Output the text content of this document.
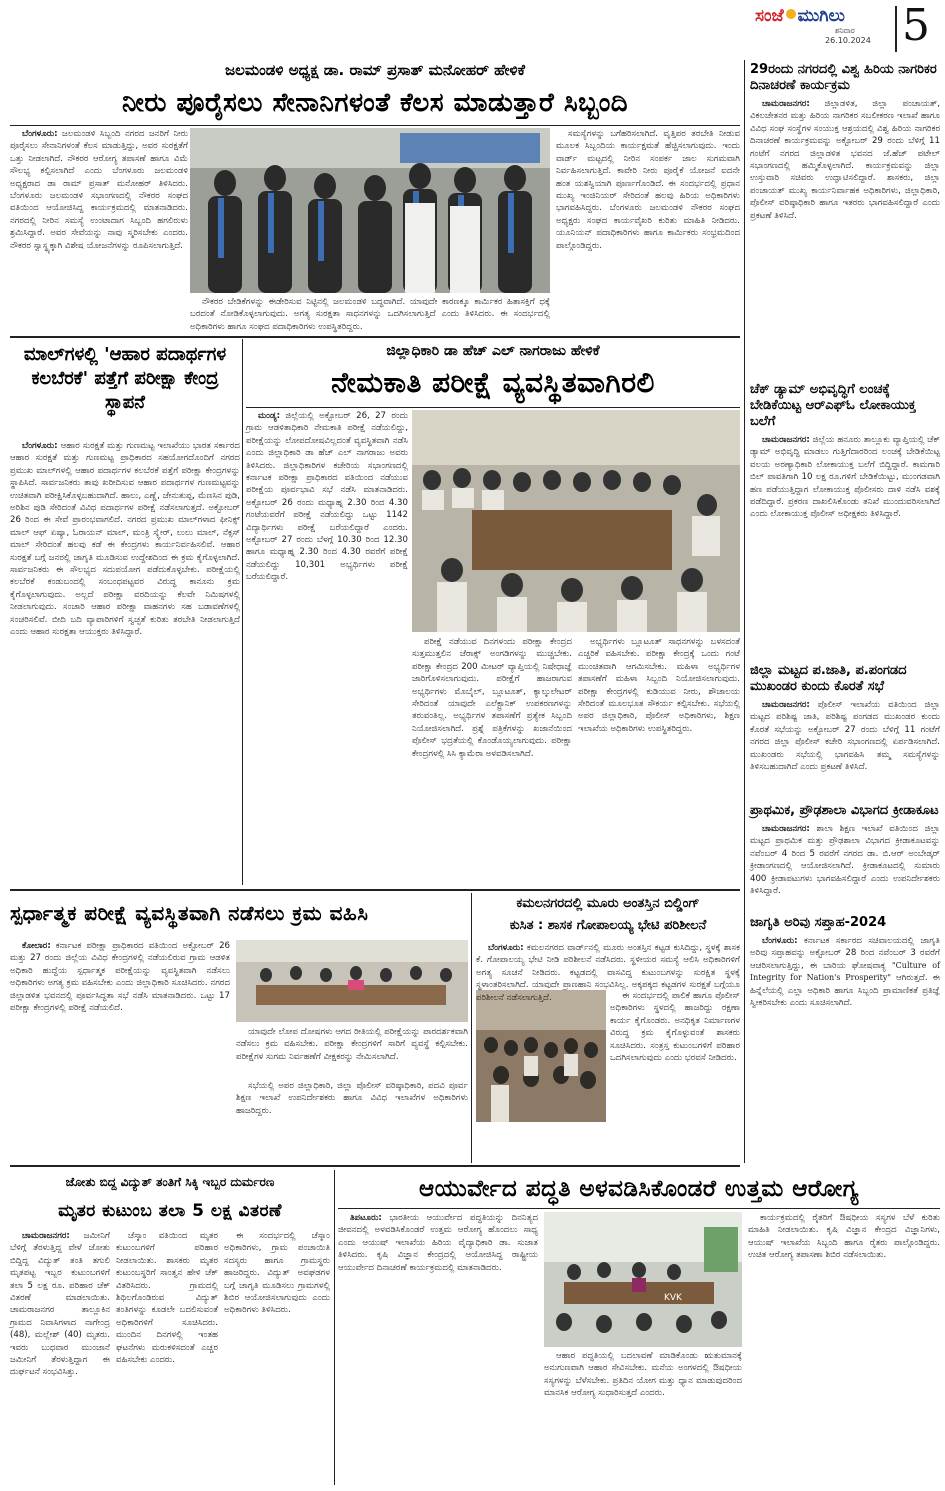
ಸಂಜೆ ಮುಗಿಲು
ಶನಿವಾರ
26.10.2024 5
ಜಲಮಂಡಳಿ ಅಧ್ಯಕ್ಷ ಡಾ. ರಾಮ್ ಪ್ರಸಾತ್ ಮನೋಹರ್ ಹೇಳಿಕೆ
ನೀರು ಪೂರೈಸಲು ಸೇನಾನಿಗಳಂತೆ ಕೆಲಸ ಮಾಡುತ್ತಾರೆ ಸಿಬ್ಬಂದಿ

ಬೆಂಗಳೂರು: ಜಲಮಂಡಳಿ ಸಿಬ್ಬಂದಿ ನಗರದ ಜನರಿಗೆ ನೀರು ಪೂರೈಸಲು ಸೇನಾನಿಗಳಂತೆ ಕೆಲಸ ಮಾಡುತ್ತಿದ್ದು, ಅವರ ಸುರಕ್ಷತೆಗೆ ಒತ್ತು ನೀಡಲಾಗಿದೆ. ನೌಕರರ ಆರೋಗ್ಯ ತಪಾಸಣೆ ಹಾಗೂ ವಿಮೆ ಸೌಲಭ್ಯ ಕಲ್ಪಿಸಲಾಗಿದೆ ಎಂದು ಬೆಂಗಳೂರು ಜಲಮಂಡಳಿ ಅಧ್ಯಕ್ಷರಾದ ಡಾ ರಾಮ್ ಪ್ರಸಾತ್ ಮನೋಹರ್ ತಿಳಿಸಿದರು. ಬೆಂಗಳೂರು ಜಲಮಂಡಳಿ ಸಭಾಂಗಣದಲ್ಲಿ ನೌಕರರ ಸಂಘದ ವತಿಯಿಂದ ಆಯೋಜಿಸಿದ್ದ ಕಾರ್ಯಕ್ರಮದಲ್ಲಿ ಮಾತನಾಡಿದರು. ನಗರದಲ್ಲಿ ನೀರಿನ ಸಮಸ್ಯೆ ಉಂಟಾದಾಗ ಸಿಬ್ಬಂದಿ ಹಗಲಿರುಳು ಶ್ರಮಿಸಿದ್ದಾರೆ. ಅವರ ಸೇವೆಯನ್ನು ನಾವು ಸ್ಮರಿಸಬೇಕು ಎಂದರು. ನೌಕರರ ಸ್ವಾಸ್ಥ್ಯಕ್ಕಾಗಿ ವಿಶೇಷ ಯೋಜನೆಗಳನ್ನು ರೂಪಿಸಲಾಗುತ್ತಿದೆ.

ನೌಕರರ ಬೇಡಿಕೆಗಳನ್ನು ಈಡೇರಿಸುವ ನಿಟ್ಟಿನಲ್ಲಿ ಜಲಮಂಡಳಿ ಬದ್ಧವಾಗಿದೆ. ಯಾವುದೇ ಕಾರಣಕ್ಕೂ ಕಾರ್ಮಿಕರ ಹಿತಾಸಕ್ತಿಗೆ ಧಕ್ಕೆ ಬರದಂತೆ ನೋಡಿಕೊಳ್ಳಲಾಗುವುದು. ಅಗತ್ಯ ಸುರಕ್ಷತಾ ಸಾಧನಗಳನ್ನು ಒದಗಿಸಲಾಗುತ್ತಿದೆ ಎಂದು ತಿಳಿಸಿದರು. ಈ ಸಂದರ್ಭದಲ್ಲಿ ಅಧಿಕಾರಿಗಳು ಹಾಗೂ ಸಂಘದ ಪದಾಧಿಕಾರಿಗಳು ಉಪಸ್ಥಿತರಿದ್ದರು.

ಸಮಸ್ಯೆಗಳನ್ನು ಬಗೆಹರಿಸಲಾಗಿದೆ. ವೃತ್ತಿಪರ ತರಬೇತಿ ನೀಡುವ ಮೂಲಕ ಸಿಬ್ಬಂದಿಯ ಕಾರ್ಯಕ್ಷಮತೆ ಹೆಚ್ಚಿಸಲಾಗುವುದು. ಇಂದು ವಾರ್ಡ್ ಮಟ್ಟದಲ್ಲಿ ನೀರಿನ ಸಂಪರ್ಕ ಜಾಲ ಸುಗಮವಾಗಿ ನಿರ್ವಹಿಸಲಾಗುತ್ತಿದೆ. ಕಾವೇರಿ ನೀರು ಪೂರೈಕೆ ಯೋಜನೆ ಐದನೇ ಹಂತ ಯಶಸ್ವಿಯಾಗಿ ಪೂರ್ಣಗೊಂಡಿದೆ. ಈ ಸಂದರ್ಭದಲ್ಲಿ ಪ್ರಧಾನ ಮುಖ್ಯ ಇಂಜಿನಿಯರ್ ಸೇರಿದಂತೆ ಹಲವು ಹಿರಿಯ ಅಧಿಕಾರಿಗಳು ಭಾಗವಹಿಸಿದ್ದರು. ಬೆಂಗಳೂರು ಜಲಮಂಡಳಿ ನೌಕರರ ಸಂಘದ ಅಧ್ಯಕ್ಷರು ಸಂಘದ ಕಾರ್ಯವೈಖರಿ ಕುರಿತು ಮಾಹಿತಿ ನೀಡಿದರು. ಯೂನಿಯನ್ ಪದಾಧಿಕಾರಿಗಳು ಹಾಗೂ ಕಾರ್ಮಿಕರು ಸಂಭ್ರಮದಿಂದ ಪಾಲ್ಗೊಂಡಿದ್ದರು.

ಮಾಲ್‌ಗಳಲ್ಲಿ 'ಆಹಾರ ಪದಾರ್ಥಗಳ ಕಲಬೆರಕೆ' ಪತ್ತೆಗೆ ಪರೀಕ್ಷಾ ಕೇಂದ್ರ ಸ್ಥಾಪನೆ

ಬೆಂಗಳೂರು: ಆಹಾರ ಸುರಕ್ಷತೆ ಮತ್ತು ಗುಣಮಟ್ಟ ಇಲಾಖೆಯು ಭಾರತ ಸರ್ಕಾರದ ಆಹಾರ ಸುರಕ್ಷತೆ ಮತ್ತು ಗುಣಮಟ್ಟ ಪ್ರಾಧಿಕಾರದ ಸಹಯೋಗದೊಂದಿಗೆ ನಗರದ ಪ್ರಮುಖ ಮಾಲ್‌ಗಳಲ್ಲಿ ಆಹಾರ ಪದಾರ್ಥಗಳ ಕಲಬೆರಕೆ ಪತ್ತೆಗೆ ಪರೀಕ್ಷಾ ಕೇಂದ್ರಗಳನ್ನು ಸ್ಥಾಪಿಸಿದೆ. ಸಾರ್ವಜನಿಕರು ತಾವು ಖರೀದಿಸುವ ಆಹಾರ ಪದಾರ್ಥಗಳ ಗುಣಮಟ್ಟವನ್ನು ಉಚಿತವಾಗಿ ಪರೀಕ್ಷಿಸಿಕೊಳ್ಳಬಹುದಾಗಿದೆ. ಹಾಲು, ಎಣ್ಣೆ, ಜೇನುತುಪ್ಪ, ಮೆಣಸಿನ ಪುಡಿ, ಅರಿಶಿನ ಪುಡಿ ಸೇರಿದಂತೆ ವಿವಿಧ ಪದಾರ್ಥಗಳ ಪರೀಕ್ಷೆ ನಡೆಸಲಾಗುತ್ತದೆ. ಅಕ್ಟೋಬರ್ 26 ರಿಂದ ಈ ಸೇವೆ ಪ್ರಾರಂಭವಾಗಲಿದೆ. ನಗರದ ಪ್ರಮುಖ ಮಾಲ್‌ಗಳಾದ ಫೀನಿಕ್ಸ್ ಮಾಲ್ ಆಫ್ ಏಷ್ಯಾ, ಓರಾಯನ್ ಮಾಲ್, ಮಂತ್ರಿ ಸ್ಕ್ವೇರ್, ಲುಲು ಮಾಲ್, ನೆಕ್ಸಸ್ ಮಾಲ್ ಸೇರಿದಂತೆ ಹಲವು ಕಡೆ ಈ ಕೇಂದ್ರಗಳು ಕಾರ್ಯನಿರ್ವಹಿಸಲಿವೆ. ಆಹಾರ ಸುರಕ್ಷತೆ ಬಗ್ಗೆ ಜನರಲ್ಲಿ ಜಾಗೃತಿ ಮೂಡಿಸುವ ಉದ್ದೇಶದಿಂದ ಈ ಕ್ರಮ ಕೈಗೊಳ್ಳಲಾಗಿದೆ. ಸಾರ್ವಜನಿಕರು ಈ ಸೌಲಭ್ಯದ ಸದುಪಯೋಗ ಪಡೆದುಕೊಳ್ಳಬೇಕು. ಪರೀಕ್ಷೆಯಲ್ಲಿ ಕಲಬೆರಕೆ ಕಂಡುಬಂದಲ್ಲಿ ಸಂಬಂಧಪಟ್ಟವರ ವಿರುದ್ಧ ಕಾನೂನು ಕ್ರಮ ಕೈಗೊಳ್ಳಲಾಗುವುದು. ಅಲ್ಲದೆ ಪರೀಕ್ಷಾ ವರದಿಯನ್ನು ಕೆಲವೇ ನಿಮಿಷಗಳಲ್ಲಿ ನೀಡಲಾಗುವುದು. ಸಂಚಾರಿ ಆಹಾರ ಪರೀಕ್ಷಾ ವಾಹನಗಳು ಸಹ ಬಡಾವಣೆಗಳಲ್ಲಿ ಸಂಚರಿಸಲಿವೆ. ಬೀದಿ ಬದಿ ವ್ಯಾಪಾರಿಗಳಿಗೆ ಸ್ವಚ್ಛತೆ ಕುರಿತು ತರಬೇತಿ ನೀಡಲಾಗುತ್ತಿದೆ ಎಂದು ಆಹಾರ ಸುರಕ್ಷತಾ ಆಯುಕ್ತರು ತಿಳಿಸಿದ್ದಾರೆ.

ಜಿಲ್ಲಾಧಿಕಾರಿ ಡಾ ಹೆಚ್ ಎಲ್ ನಾಗರಾಜು ಹೇಳಿಕೆ
ನೇಮಕಾತಿ ಪರೀಕ್ಷೆ ವ್ಯವಸ್ಥಿತವಾಗಿರಲಿ

ಮಂಡ್ಯ: ಜಿಲ್ಲೆಯಲ್ಲಿ ಅಕ್ಟೋಬರ್ 26, 27 ರಂದು ಗ್ರಾಮ ಆಡಳಿತಾಧಿಕಾರಿ ನೇಮಕಾತಿ ಪರೀಕ್ಷೆ ನಡೆಯಲಿದ್ದು, ಪರೀಕ್ಷೆಯನ್ನು ಲೋಪದೋಷವಿಲ್ಲದಂತೆ ವ್ಯವಸ್ಥಿತವಾಗಿ ನಡೆಸಿ ಎಂದು ಜಿಲ್ಲಾಧಿಕಾರಿ ಡಾ ಹೆಚ್ ಎಲ್ ನಾಗರಾಜು ಅವರು ತಿಳಿಸಿದರು. ಜಿಲ್ಲಾಧಿಕಾರಿಗಳ ಕಚೇರಿಯ ಸಭಾಂಗಣದಲ್ಲಿ ಕರ್ನಾಟಕ ಪರೀಕ್ಷಾ ಪ್ರಾಧಿಕಾರದ ವತಿಯಿಂದ ನಡೆಯುವ ಪರೀಕ್ಷೆಯ ಪೂರ್ವಭಾವಿ ಸಭೆ ನಡೆಸಿ ಮಾತನಾಡಿದರು. ಅಕ್ಟೋಬರ್ 26 ರಂದು ಮಧ್ಯಾಹ್ನ 2.30 ರಿಂದ 4.30 ಗಂಟೆಯವರೆಗೆ ಪರೀಕ್ಷೆ ನಡೆಯಲಿದ್ದು ಒಟ್ಟು 1142 ವಿದ್ಯಾರ್ಥಿಗಳು ಪರೀಕ್ಷೆ ಬರೆಯಲಿದ್ದಾರೆ ಎಂದರು. ಅಕ್ಟೋಬರ್ 27 ರಂದು ಬೆಳಗ್ಗೆ 10.30 ರಿಂದ 12.30 ಹಾಗೂ ಮಧ್ಯಾಹ್ನ 2.30 ರಿಂದ 4.30 ರವರೆಗೆ ಪರೀಕ್ಷೆ ನಡೆಯಲಿದ್ದು 10,301 ಅಭ್ಯರ್ಥಿಗಳು ಪರೀಕ್ಷೆ ಬರೆಯಲಿದ್ದಾರೆ.

ಪರೀಕ್ಷೆ ನಡೆಯುವ ದಿನಗಳಂದು ಪರೀಕ್ಷಾ ಕೇಂದ್ರದ ಸುತ್ತಮುತ್ತಲಿನ ಜೆರಾಕ್ಸ್ ಅಂಗಡಿಗಳನ್ನು ಮುಚ್ಚಬೇಕು. ಪರೀಕ್ಷಾ ಕೇಂದ್ರದ 200 ಮೀಟರ್ ವ್ಯಾಪ್ತಿಯಲ್ಲಿ ನಿಷೇಧಾಜ್ಞೆ ಜಾರಿಗೊಳಿಸಲಾಗುವುದು. ಪರೀಕ್ಷೆಗೆ ಹಾಜರಾಗುವ ಅಭ್ಯರ್ಥಿಗಳು ಮೊಬೈಲ್, ಬ್ಲೂಟೂತ್, ಕ್ಯಾಲ್ಕುಲೇಟರ್ ಸೇರಿದಂತೆ ಯಾವುದೇ ಎಲೆಕ್ಟ್ರಾನಿಕ್ ಉಪಕರಣಗಳನ್ನು ತರುವಂತಿಲ್ಲ. ಅಭ್ಯರ್ಥಿಗಳ ತಪಾಸಣೆಗೆ ಪ್ರತ್ಯೇಕ ಸಿಬ್ಬಂದಿ ನಿಯೋಜಿಸಲಾಗಿದೆ. ಪ್ರಶ್ನೆ ಪತ್ರಿಕೆಗಳನ್ನು ಖಜಾನೆಯಿಂದ ಪೊಲೀಸ್ ಭದ್ರತೆಯಲ್ಲಿ ಕೊಂಡೊಯ್ಯಲಾಗುವುದು. ಪರೀಕ್ಷಾ ಕೇಂದ್ರಗಳಲ್ಲಿ ಸಿಸಿ ಕ್ಯಾಮೆರಾ ಅಳವಡಿಸಲಾಗಿದೆ.

ಅಭ್ಯರ್ಥಿಗಳು ಬ್ಲೂಟೂತ್ ಸಾಧನಗಳನ್ನು ಬಳಸದಂತೆ ಎಚ್ಚರಿಕೆ ವಹಿಸಬೇಕು. ಪರೀಕ್ಷಾ ಕೇಂದ್ರಕ್ಕೆ ಒಂದು ಗಂಟೆ ಮುಂಚಿತವಾಗಿ ಆಗಮಿಸಬೇಕು. ಮಹಿಳಾ ಅಭ್ಯರ್ಥಿಗಳ ತಪಾಸಣೆಗೆ ಮಹಿಳಾ ಸಿಬ್ಬಂದಿ ನಿಯೋಜಿಸಲಾಗುವುದು. ಪರೀಕ್ಷಾ ಕೇಂದ್ರಗಳಲ್ಲಿ ಕುಡಿಯುವ ನೀರು, ಶೌಚಾಲಯ ಸೇರಿದಂತೆ ಮೂಲಭೂತ ಸೌಕರ್ಯ ಕಲ್ಪಿಸಬೇಕು. ಸಭೆಯಲ್ಲಿ ಅಪರ ಜಿಲ್ಲಾಧಿಕಾರಿ, ಪೊಲೀಸ್ ಅಧಿಕಾರಿಗಳು, ಶಿಕ್ಷಣ ಇಲಾಖೆಯ ಅಧಿಕಾರಿಗಳು ಉಪಸ್ಥಿತರಿದ್ದರು.

ಸ್ಪರ್ಧಾತ್ಮಕ ಪರೀಕ್ಷೆ ವ್ಯವಸ್ಥಿತವಾಗಿ ನಡೆಸಲು ಕ್ರಮ ವಹಿಸಿ

ಕೋಲಾರ: ಕರ್ನಾಟಕ ಪರೀಕ್ಷಾ ಪ್ರಾಧಿಕಾರದ ವತಿಯಿಂದ ಅಕ್ಟೋಬರ್ 26 ಮತ್ತು 27 ರಂದು ಜಿಲ್ಲೆಯ ವಿವಿಧ ಕೇಂದ್ರಗಳಲ್ಲಿ ನಡೆಯಲಿರುವ ಗ್ರಾಮ ಆಡಳಿತ ಅಧಿಕಾರಿ ಹುದ್ದೆಯ ಸ್ಪರ್ಧಾತ್ಮಕ ಪರೀಕ್ಷೆಯನ್ನು ವ್ಯವಸ್ಥಿತವಾಗಿ ನಡೆಸಲು ಅಧಿಕಾರಿಗಳು ಅಗತ್ಯ ಕ್ರಮ ವಹಿಸಬೇಕು ಎಂದು ಜಿಲ್ಲಾಧಿಕಾರಿ ಸೂಚಿಸಿದರು. ನಗರದ ಜಿಲ್ಲಾಡಳಿತ ಭವನದಲ್ಲಿ ಪೂರ್ವಸಿದ್ಧತಾ ಸಭೆ ನಡೆಸಿ ಮಾತನಾಡಿದರು. ಒಟ್ಟು 17 ಪರೀಕ್ಷಾ ಕೇಂದ್ರಗಳಲ್ಲಿ ಪರೀಕ್ಷೆ ನಡೆಯಲಿದೆ.

ಯಾವುದೇ ಲೋಪ ದೋಷಗಳು ಆಗದ ರೀತಿಯಲ್ಲಿ ಪರೀಕ್ಷೆಯನ್ನು ಪಾರದರ್ಶಕವಾಗಿ ನಡೆಸಲು ಕ್ರಮ ವಹಿಸಬೇಕು. ಪರೀಕ್ಷಾ ಕೇಂದ್ರಗಳಿಗೆ ಸಾರಿಗೆ ವ್ಯವಸ್ಥೆ ಕಲ್ಪಿಸಬೇಕು. ಪರೀಕ್ಷೆಗಳ ಸುಗಮ ನಿರ್ವಹಣೆಗೆ ವೀಕ್ಷಕರನ್ನು ನೇಮಿಸಲಾಗಿದೆ.

ಸಭೆಯಲ್ಲಿ ಅಪರ ಜಿಲ್ಲಾಧಿಕಾರಿ, ಜಿಲ್ಲಾ ಪೊಲೀಸ್ ವರಿಷ್ಠಾಧಿಕಾರಿ, ಪದವಿ ಪೂರ್ವ ಶಿಕ್ಷಣ ಇಲಾಖೆ ಉಪನಿರ್ದೇಶಕರು ಹಾಗೂ ವಿವಿಧ ಇಲಾಖೆಗಳ ಅಧಿಕಾರಿಗಳು ಹಾಜರಿದ್ದರು.

ಕಮಲನಗರದಲ್ಲಿ ಮೂರು ಅಂತಸ್ತಿನ ಬಿಲ್ಡಿಂಗ್
ಕುಸಿತ : ಶಾಸಕ ಗೋಪಾಲಯ್ಯ ಭೇಟಿ ಪರಿಶೀಲನೆ

ಬೆಂಗಳೂರು: ಕಮಲನಗರದ ವಾರ್ಡ್‌ನಲ್ಲಿ ಮೂರು ಅಂತಸ್ತಿನ ಕಟ್ಟಡ ಕುಸಿದಿದ್ದು, ಸ್ಥಳಕ್ಕೆ ಶಾಸಕ ಕೆ. ಗೋಪಾಲಯ್ಯ ಭೇಟಿ ನೀಡಿ ಪರಿಶೀಲನೆ ನಡೆಸಿದರು. ಸ್ಥಳೀಯರ ಸಮಸ್ಯೆ ಆಲಿಸಿ ಅಧಿಕಾರಿಗಳಿಗೆ ಅಗತ್ಯ ಸೂಚನೆ ನೀಡಿದರು. ಕಟ್ಟಡದಲ್ಲಿ ವಾಸವಿದ್ದ ಕುಟುಂಬಗಳನ್ನು ಸುರಕ್ಷಿತ ಸ್ಥಳಕ್ಕೆ ಸ್ಥಳಾಂತರಿಸಲಾಗಿದೆ. ಯಾವುದೇ ಪ್ರಾಣಹಾನಿ ಸಂಭವಿಸಿಲ್ಲ. ಅಕ್ಕಪಕ್ಕದ ಕಟ್ಟಡಗಳ ಸುರಕ್ಷತೆ ಬಗ್ಗೆಯೂ ಪರಿಶೀಲನೆ ನಡೆಸಲಾಗುತ್ತಿದೆ.	ಈ ಸಂದರ್ಭದಲ್ಲಿ ಪಾಲಿಕೆ ಹಾಗೂ ಪೊಲೀಸ್ ಅಧಿಕಾರಿಗಳು ಸ್ಥಳದಲ್ಲಿ ಹಾಜರಿದ್ದು ರಕ್ಷಣಾ ಕಾರ್ಯ ಕೈಗೊಂಡರು. ಅನಧಿಕೃತ ನಿರ್ಮಾಣಗಳ ವಿರುದ್ಧ ಕ್ರಮ ಕೈಗೊಳ್ಳುವಂತೆ ಶಾಸಕರು ಸೂಚಿಸಿದರು. ಸಂತ್ರಸ್ತ ಕುಟುಂಬಗಳಿಗೆ ಪರಿಹಾರ ಒದಗಿಸಲಾಗುವುದು ಎಂದು ಭರವಸೆ ನೀಡಿದರು.

ಜೋತು ಬಿದ್ದ ವಿದ್ಯುತ್ ತಂತಿಗೆ ಸಿಕ್ಕಿ ಇಬ್ಬರ ದುರ್ಮರಣ
ಮೃತರ ಕುಟುಂಬ ತಲಾ 5 ಲಕ್ಷ ವಿತರಣೆ

ಚಾಮರಾಜನಗರ: ಜಮೀನಿಗೆ ಬೆಳಿಗ್ಗೆ ತೆರಳುತ್ತಿದ್ದ ವೇಳೆ ಜೋತು ಬಿದ್ದಿದ್ದ ವಿದ್ಯುತ್ ತಂತಿ ತಗುಲಿ ಮೃತಪಟ್ಟ ಇಬ್ಬರ ಕುಟುಂಬಗಳಿಗೆ ತಲಾ 5 ಲಕ್ಷ ರೂ. ಪರಿಹಾರ ಚೆಕ್ ವಿತರಣೆ ಮಾಡಲಾಯಿತು. ಚಾಮರಾಜನಗರ ತಾಲ್ಲೂಕಿನ ಗ್ರಾಮದ ನಿವಾಸಿಗಳಾದ ನಾಗೇಂದ್ರ (48), ಮಲ್ಲೇಶ್ (40) ಮೃತರು. ಇವರು ಬುಧವಾರ ಮುಂಜಾನೆ ಜಮೀನಿಗೆ ತೆರಳುತ್ತಿದ್ದಾಗ ಈ ದುರ್ಘಟನೆ ಸಂಭವಿಸಿತ್ತು.

ಚೆಸ್ಕಾಂ ವತಿಯಿಂದ ಮೃತರ ಕುಟುಂಬಗಳಿಗೆ ಪರಿಹಾರ ನೀಡಲಾಯಿತು. ಶಾಸಕರು ಮೃತರ ಕುಟುಂಬಸ್ಥರಿಗೆ ಸಾಂತ್ವನ ಹೇಳಿ ಚೆಕ್ ವಿತರಿಸಿದರು. ಗ್ರಾಮದಲ್ಲಿ ಶಿಥಿಲಗೊಂಡಿರುವ ವಿದ್ಯುತ್ ತಂತಿಗಳನ್ನು ಕೂಡಲೇ ಬದಲಿಸುವಂತೆ ಅಧಿಕಾರಿಗಳಿಗೆ ಸೂಚಿಸಿದರು. ಮುಂದಿನ ದಿನಗಳಲ್ಲಿ ಇಂತಹ ಘಟನೆಗಳು ಮರುಕಳಿಸದಂತೆ ಎಚ್ಚರ ವಹಿಸಬೇಕು ಎಂದರು.

ಈ ಸಂದರ್ಭದಲ್ಲಿ ಚೆಸ್ಕಾಂ ಅಧಿಕಾರಿಗಳು, ಗ್ರಾಮ ಪಂಚಾಯಿತಿ ಸದಸ್ಯರು ಹಾಗೂ ಗ್ರಾಮಸ್ಥರು ಹಾಜರಿದ್ದರು. ವಿದ್ಯುತ್ ಅವಘಡಗಳ ಬಗ್ಗೆ ಜಾಗೃತಿ ಮೂಡಿಸಲು ಗ್ರಾಮಗಳಲ್ಲಿ ಶಿಬಿರ ಆಯೋಜಿಸಲಾಗುವುದು ಎಂದು ಅಧಿಕಾರಿಗಳು ತಿಳಿಸಿದರು.

ಆಯುರ್ವೇದ ಪದ್ಧತಿ ಅಳವಡಿಸಿಕೊಂಡರೆ ಉತ್ತಮ ಆರೋಗ್ಯ

ತಿಪಟೂರು: ಭಾರತೀಯ ಆಯುರ್ವೇದ ಪದ್ಧತಿಯನ್ನು ದಿನನಿತ್ಯದ ಜೀವನದಲ್ಲಿ ಅಳವಡಿಸಿಕೊಂಡರೆ ಉತ್ತಮ ಆರೋಗ್ಯ ಹೊಂದಲು ಸಾಧ್ಯ ಎಂದು ಆಯುಷ್ ಇಲಾಖೆಯ ಹಿರಿಯ ವೈದ್ಯಾಧಿಕಾರಿ ಡಾ. ಸುಜಾತ ತಿಳಿಸಿದರು. ಕೃಷಿ ವಿಜ್ಞಾನ ಕೇಂದ್ರದಲ್ಲಿ ಆಯೋಜಿಸಿದ್ದ ರಾಷ್ಟ್ರೀಯ ಆಯುರ್ವೇದ ದಿನಾಚರಣೆ ಕಾರ್ಯಕ್ರಮದಲ್ಲಿ ಮಾತನಾಡಿದರು.

KVK

ಆಹಾರ ಪದ್ಧತಿಯಲ್ಲಿ ಬದಲಾವಣೆ ಮಾಡಿಕೊಂಡು ಋತುಮಾನಕ್ಕೆ ಅನುಗುಣವಾಗಿ ಆಹಾರ ಸೇವಿಸಬೇಕು. ಮನೆಯ ಅಂಗಳದಲ್ಲಿ ಔಷಧೀಯ ಸಸ್ಯಗಳನ್ನು ಬೆಳೆಸಬೇಕು. ಪ್ರತಿದಿನ ಯೋಗ ಮತ್ತು ಧ್ಯಾನ ಮಾಡುವುದರಿಂದ ಮಾನಸಿಕ ಆರೋಗ್ಯ ಸುಧಾರಿಸುತ್ತದೆ ಎಂದರು.

ಕಾರ್ಯಕ್ರಮದಲ್ಲಿ ರೈತರಿಗೆ ಔಷಧೀಯ ಸಸ್ಯಗಳ ಬೆಳೆ ಕುರಿತು ಮಾಹಿತಿ ನೀಡಲಾಯಿತು. ಕೃಷಿ ವಿಜ್ಞಾನ ಕೇಂದ್ರದ ವಿಜ್ಞಾನಿಗಳು, ಆಯುಷ್ ಇಲಾಖೆಯ ಸಿಬ್ಬಂದಿ ಹಾಗೂ ರೈತರು ಪಾಲ್ಗೊಂಡಿದ್ದರು. ಉಚಿತ ಆರೋಗ್ಯ ತಪಾಸಣಾ ಶಿಬಿರ ನಡೆಸಲಾಯಿತು.

29ರಂದು ನಗರದಲ್ಲಿ ವಿಶ್ವ ಹಿರಿಯ ನಾಗರಿಕರ ದಿನಾಚರಣೆ ಕಾರ್ಯಕ್ರಮ

ಚಾಮರಾಜನಗರ: ಜಿಲ್ಲಾಡಳಿತ, ಜಿಲ್ಲಾ ಪಂಚಾಯತ್, ವಿಕಲಚೇತನರ ಮತ್ತು ಹಿರಿಯ ನಾಗರಿಕರ ಸಬಲೀಕರಣ ಇಲಾಖೆ ಹಾಗೂ ವಿವಿಧ ಸಂಘ ಸಂಸ್ಥೆಗಳ ಸಂಯುಕ್ತ ಆಶ್ರಯದಲ್ಲಿ ವಿಶ್ವ ಹಿರಿಯ ನಾಗರಿಕರ ದಿನಾಚರಣೆ ಕಾರ್ಯಕ್ರಮವನ್ನು ಅಕ್ಟೋಬರ್ 29 ರಂದು ಬೆಳಿಗ್ಗೆ 11 ಗಂಟೆಗೆ ನಗರದ ಜಿಲ್ಲಾಡಳಿತ ಭವನದ ಜೆ.ಹೆಚ್ ಪಟೇಲ್ ಸಭಾಂಗಣದಲ್ಲಿ ಹಮ್ಮಿಕೊಳ್ಳಲಾಗಿದೆ. ಕಾರ್ಯಕ್ರಮವನ್ನು ಜಿಲ್ಲಾ ಉಸ್ತುವಾರಿ ಸಚಿವರು ಉದ್ಘಾಟಿಸಲಿದ್ದಾರೆ. ಶಾಸಕರು, ಜಿಲ್ಲಾ ಪಂಚಾಯತ್ ಮುಖ್ಯ ಕಾರ್ಯನಿರ್ವಾಹಕ ಅಧಿಕಾರಿಗಳು, ಜಿಲ್ಲಾಧಿಕಾರಿ, ಪೊಲೀಸ್ ವರಿಷ್ಠಾಧಿಕಾರಿ ಹಾಗೂ ಇತರರು ಭಾಗವಹಿಸಲಿದ್ದಾರೆ ಎಂದು ಪ್ರಕಟಣೆ ತಿಳಿಸಿದೆ.

ಚೆಕ್ ಡ್ಯಾಮ್ ಅಭಿವೃದ್ಧಿಗೆ ಲಂಚಕ್ಕೆ ಬೇಡಿಕೆಯಿಟ್ಟ ಆರ್‌ಎಫ್‌ಓ ಲೋಕಾಯುಕ್ತ ಬಲೆಗೆ

ಚಾಮರಾಜನಗರ: ಜಿಲ್ಲೆಯ ಹನೂರು ತಾಲ್ಲೂಕು ವ್ಯಾಪ್ತಿಯಲ್ಲಿ ಚೆಕ್ ಡ್ಯಾಮ್ ಅಭಿವೃದ್ಧಿ ಮಾಡಲು ಗುತ್ತಿಗೆದಾರರಿಂದ ಲಂಚಕ್ಕೆ ಬೇಡಿಕೆಯಿಟ್ಟ ವಲಯ ಅರಣ್ಯಾಧಿಕಾರಿ ಲೋಕಾಯುಕ್ತ ಬಲೆಗೆ ಬಿದ್ದಿದ್ದಾರೆ. ಕಾಮಗಾರಿ ಬಿಲ್ ಪಾವತಿಗಾಗಿ 10 ಲಕ್ಷ ರೂ.ಗಳಿಗೆ ಬೇಡಿಕೆಯಿಟ್ಟು, ಮುಂಗಡವಾಗಿ ಹಣ ಪಡೆಯುತ್ತಿದ್ದಾಗ ಲೋಕಾಯುಕ್ತ ಪೊಲೀಸರು ದಾಳಿ ನಡೆಸಿ ವಶಕ್ಕೆ ಪಡೆದಿದ್ದಾರೆ. ಪ್ರಕರಣ ದಾಖಲಿಸಿಕೊಂಡು ತನಿಖೆ ಮುಂದುವರಿಸಲಾಗಿದೆ ಎಂದು ಲೋಕಾಯುಕ್ತ ಪೊಲೀಸ್ ಅಧೀಕ್ಷಕರು ತಿಳಿಸಿದ್ದಾರೆ.

ಜಿಲ್ಲಾ ಮಟ್ಟದ ಪ.ಜಾತಿ, ಪ.ಪಂಗಡದ ಮುಖಂಡರ ಕುಂದು ಕೊರತೆ ಸಭೆ

ಚಾಮರಾಜನಗರ: ಪೊಲೀಸ್ ಇಲಾಖೆಯ ವತಿಯಿಂದ ಜಿಲ್ಲಾ ಮಟ್ಟದ ಪರಿಶಿಷ್ಟ ಜಾತಿ, ಪರಿಶಿಷ್ಟ ಪಂಗಡದ ಮುಖಂಡರ ಕುಂದು ಕೊರತೆ ಸಭೆಯನ್ನು ಅಕ್ಟೋಬರ್ 27 ರಂದು ಬೆಳಿಗ್ಗೆ 11 ಗಂಟೆಗೆ ನಗರದ ಜಿಲ್ಲಾ ಪೊಲೀಸ್ ಕಚೇರಿ ಸಭಾಂಗಣದಲ್ಲಿ ಏರ್ಪಡಿಸಲಾಗಿದೆ. ಮುಖಂಡರು ಸಭೆಯಲ್ಲಿ ಭಾಗವಹಿಸಿ ತಮ್ಮ ಸಮಸ್ಯೆಗಳನ್ನು ತಿಳಿಸಬಹುದಾಗಿದೆ ಎಂದು ಪ್ರಕಟಣೆ ತಿಳಿಸಿದೆ.

ಪ್ರಾಥಮಿಕ, ಪ್ರೌಢಶಾಲಾ ವಿಭಾಗದ ಕ್ರೀಡಾಕೂಟ

ಚಾಮರಾಜನಗರ: ಶಾಲಾ ಶಿಕ್ಷಣ ಇಲಾಖೆ ವತಿಯಿಂದ ಜಿಲ್ಲಾ ಮಟ್ಟದ ಪ್ರಾಥಮಿಕ ಮತ್ತು ಪ್ರೌಢಶಾಲಾ ವಿಭಾಗದ ಕ್ರೀಡಾಕೂಟವನ್ನು ನವೆಂಬರ್ 4 ರಿಂದ 5 ರವರೆಗೆ ನಗರದ ಡಾ. ಬಿ.ಆರ್ ಅಂಬೇಡ್ಕರ್ ಕ್ರೀಡಾಂಗಣದಲ್ಲಿ ಆಯೋಜಿಸಲಾಗಿದೆ. ಕ್ರೀಡಾಕೂಟದಲ್ಲಿ ಸುಮಾರು 400 ಕ್ರೀಡಾಪಟುಗಳು ಭಾಗವಹಿಸಲಿದ್ದಾರೆ ಎಂದು ಉಪನಿರ್ದೇಶಕರು ತಿಳಿಸಿದ್ದಾರೆ.

ಜಾಗೃತಿ ಅರಿವು ಸಪ್ತಾಹ-2024

ಬೆಂಗಳೂರು: ಕರ್ನಾಟಕ ಸರ್ಕಾರದ ಸಚಿವಾಲಯದಲ್ಲಿ ಜಾಗೃತಿ ಅರಿವು ಸಪ್ತಾಹವನ್ನು ಅಕ್ಟೋಬರ್ 28 ರಿಂದ ನವೆಂಬರ್ 3 ರವರೆಗೆ ಆಚರಿಸಲಾಗುತ್ತಿದ್ದು, ಈ ಬಾರಿಯ ಘೋಷವಾಕ್ಯ "Culture of Integrity for Nation's Prosperity" ಆಗಿರುತ್ತದೆ. ಈ ಹಿನ್ನೆಲೆಯಲ್ಲಿ ಎಲ್ಲಾ ಅಧಿಕಾರಿ ಹಾಗೂ ಸಿಬ್ಬಂದಿ ಪ್ರಾಮಾಣಿಕತೆ ಪ್ರತಿಜ್ಞೆ ಸ್ವೀಕರಿಸಬೇಕು ಎಂದು ಸೂಚಿಸಲಾಗಿದೆ.
